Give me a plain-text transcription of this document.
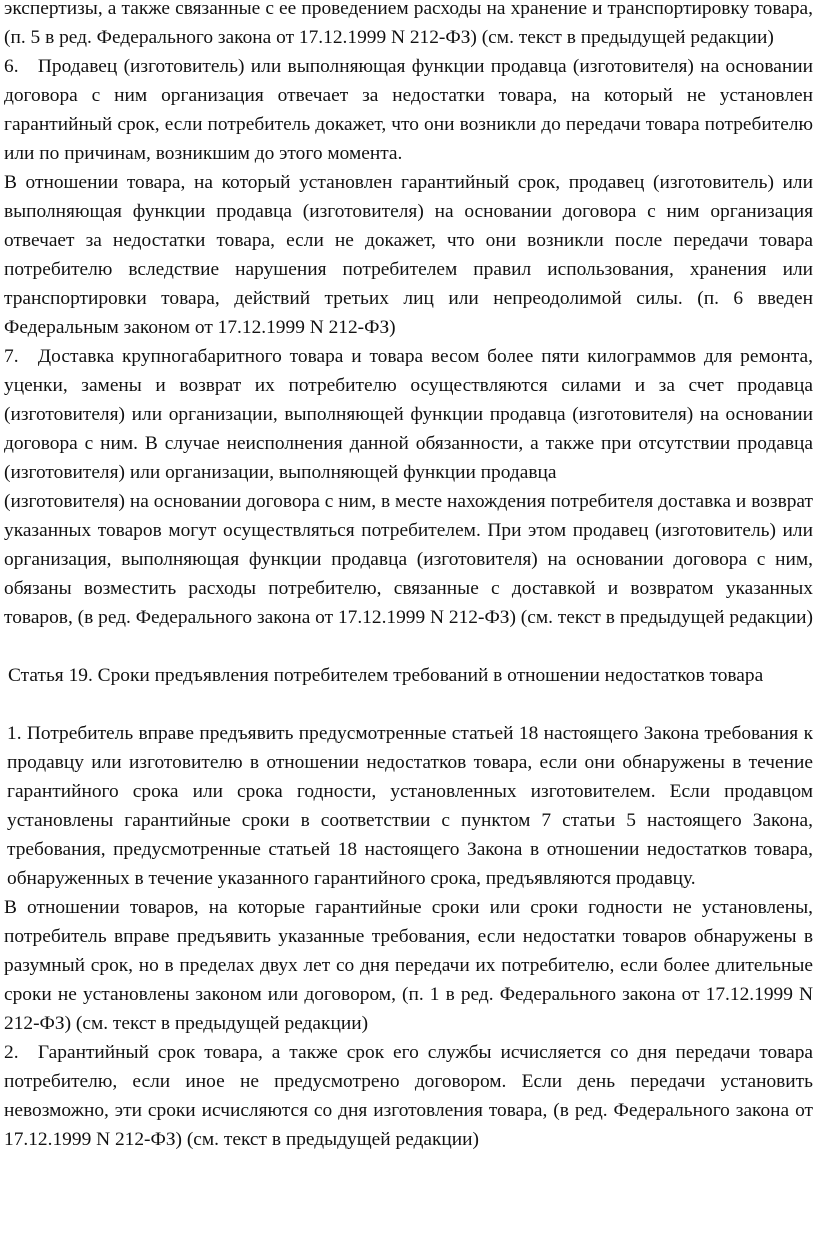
экспертизы, а также связанные с ее проведением расходы на хранение и транспортировку товара, (п. 5 в ред. Федерального закона от 17.12.1999 N 212-ФЗ) (см. текст в предыдущей редакции)

6. Продавец (изготовитель) или выполняющая функции продавца (изготовителя) на основании договора с ним организация отвечает за недостатки товара, на который не установлен гарантийный срок, если потребитель докажет, что они возникли до передачи товара потребителю или по причинам, возникшим до этого момента.

В отношении товара, на который установлен гарантийный срок, продавец (изготовитель) или выполняющая функции продавца (изготовителя) на основании договора с ним организация отвечает за недостатки товара, если не докажет, что они возникли после передачи товара потребителю вследствие нарушения потребителем правил использования, хранения или транспортировки товара, действий третьих лиц или непреодолимой силы. (п. 6 введен Федеральным законом от 17.12.1999 N 212-ФЗ)

7. Доставка крупногабаритного товара и товара весом более пяти килограммов для ремонта, уценки, замены и возврат их потребителю осуществляются силами и за счет продавца (изготовителя) или организации, выполняющей функции продавца (изготовителя) на основании договора с ним. В случае неисполнения данной обязанности, а также при отсутствии продавца (изготовителя) или организации, выполняющей функции продавца

(изготовителя) на основании договора с ним, в месте нахождения потребителя доставка и возврат указанных товаров могут осуществляться потребителем. При этом продавец (изготовитель) или организация, выполняющая функции продавца (изготовителя) на основании договора с ним, обязаны возместить расходы потребителю, связанные с доставкой и возвратом указанных товаров, (в ред. Федерального закона от 17.12.1999 N 212-ФЗ) (см. текст в предыдущей редакции)

Статья 19. Сроки предъявления потребителем требований в отношении недостатков товара

1. Потребитель вправе предъявить предусмотренные статьей 18 настоящего Закона требования к продавцу или изготовителю в отношении недостатков товара, если они обнаружены в течение гарантийного срока или срока годности, установленных изготовителем. Если продавцом установлены гарантийные сроки в соответствии с пунктом 7 статьи 5 настоящего Закона, требования, предусмотренные статьей 18 настоящего Закона в отношении недостатков товара, обнаруженных в течение указанного гарантийного срока, предъявляются продавцу.

В отношении товаров, на которые гарантийные сроки или сроки годности не установлены, потребитель вправе предъявить указанные требования, если недостатки товаров обнаружены в разумный срок, но в пределах двух лет со дня передачи их потребителю, если более длительные сроки не установлены законом или договором, (п. 1 в ред. Федерального закона от 17.12.1999 N 212-ФЗ) (см. текст в предыдущей редакции)

2. Гарантийный срок товара, а также срок его службы исчисляется со дня передачи товара потребителю, если иное не предусмотрено договором. Если день передачи установить невозможно, эти сроки исчисляются со дня изготовления товара, (в ред. Федерального закона от 17.12.1999 N 212-ФЗ) (см. текст в предыдущей редакции)
